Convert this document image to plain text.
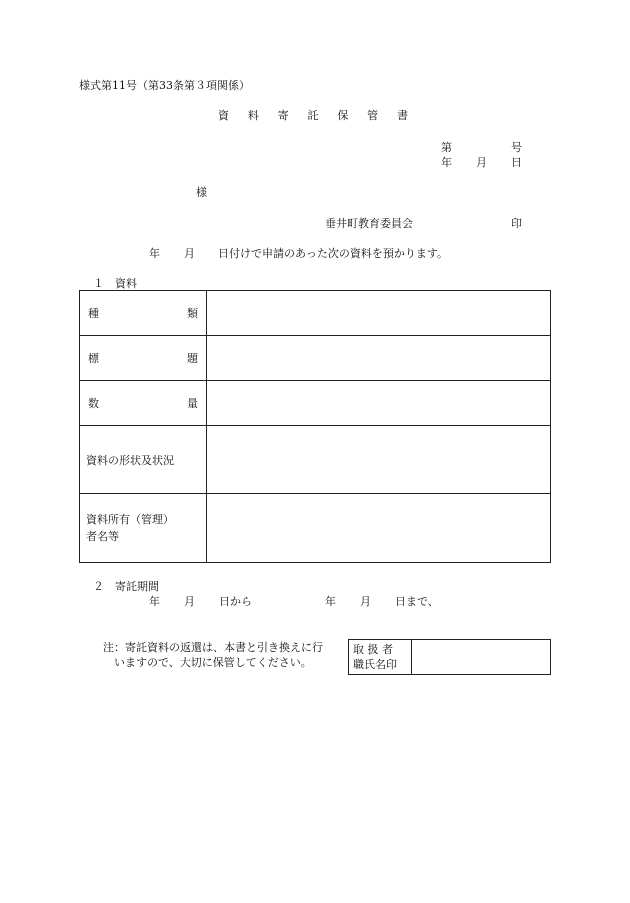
様式第11号（第33条第３項関係）
資 料 寄 託 保 管 書
第	号
年 月 日
様
垂井町教育委員会	印
年 月 日付けで申請のあった次の資料を預かります。
１　資料
種 類	

標 題	

数 量	

資料の形状及状況	

資料所有（管理）
者名等	

２　寄託期間
年 月 日から	年 月 日まで、
注：寄託資料の返還は、本書と引き換えに行
いますので、大切に保管してください。
取 扱 者
職氏名印
